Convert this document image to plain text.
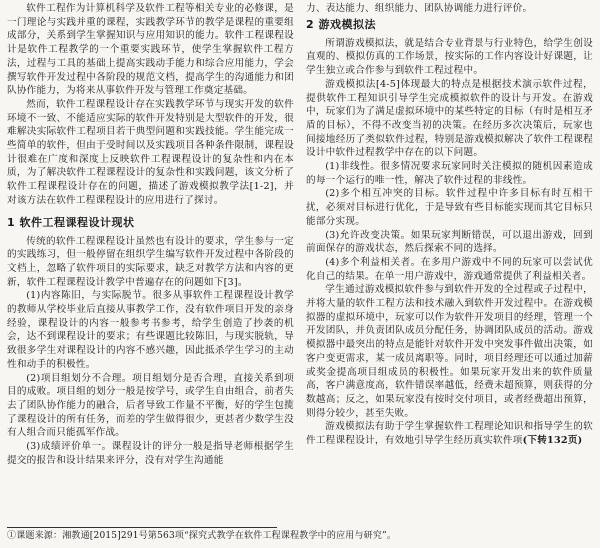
软件工程作为计算机科学及软件工程等相关专业的必修课，是一门理论与实践并重的课程，实践教学环节的教学是课程的重要组成部分，关系到学生掌握知识与应用知识的能力。软件工程课程设计是软件工程教学的一个重要实践环节，使学生掌握软件工程方法，过程与工具的基础上提高实践动手能力和综合应用能力，学会撰写软件开发过程中各阶段的规范文档，提高学生的沟通能力和团队协作能力，为将来从事软件开发与管理工作奠定基础。

然而，软件工程课程设计存在实践教学环节与现实开发的软件环境不一致、不能适应实际的软件开发特别是大型软件的开发，很难解决实际软件工程项目若干典型问题和实践技能。学生能完成一些简单的软件，但由于受时间以及实践项目各种条件限制，课程设计很难在广度和深度上反映软件工程课程设计的复杂性和内在本质，为了解决软件工程课程设计的复杂性和实践问题，该文分析了软件工程课程设计存在的问题，描述了游戏模拟教学法[1-2]，并对该方法在软件工程课程设计的应用进行了探讨。

1 软件工程课程设计现状

传统的软件工程课程设计虽然也有设计的要求，学生参与一定的实践练习，但一般停留在组织学生编写软件开发过程中各阶段的文档上，忽略了软件项目的实际要求，缺乏对教学方法和内容的更新，软件工程课程设计教学中普遍存在的问题如下[3]。

(1)内容陈旧，与实际脱节。很多从事软件工程课程设计教学的教师从学校毕业后直接从事教学工作，没有软件项目开发的亲身经验，课程设计的内容一般参考书参考，给学生创造了抄袭的机会，达不到课程设计的要求；有些课题比较陈旧，与现实脱轨，导致很多学生对课程设计的内容不感兴趣，因此抵杀学生学习的主动性和动手的积极性。

(2)项目组划分不合理。项目组划分是否合理，直接关系到项目的成败。项目组的划分一般是按学号，或学生自由组合，前者失去了团队协作能力的融合，后者导致工作量不平衡，好的学生包揽了课程设计的所有任务，而差的学生做得很少，更甚者少数学生没有人组合而只能孤军作战。

(3)成绩评价单一。课程设计的评分一般是指导老师根据学生提交的报告和设计结果来评分，没有对学生沟通能

力、表达能力、组织能力、团队协调能力进行评价。

2 游戏模拟法

所谓游戏模拟法，就是结合专业背景与行业特色，给学生创设直观的、模拟仿真的工作场景，按实际的工作内容设计好课题，让学生独立或合作参与到软件工程过程中。

游戏模拟法[4-5]体现最大的特点是根据技术演示软件过程，提供软件工程知识引导学生完成模拟软件的设计与开发。在游戏中，玩家们为了满足虚拟环境中的某些特定的目标（有时是相互矛盾的目标），不得不改变当初的决策。在经历多次决策后，玩家也间接地经历了类似软件过程，特别是游戏模拟解决了软件工程课程设计中软件过程教学中存在的以下问题。

(1)非线性。很多情况要求玩家同时关注模拟的随机因素造成的每一个运行的唯一性，解决了软件过程的非线性。

(2)多个相互冲突的目标。软件过程中许多目标有时互相干扰，必须对目标进行优化，于是导致有些目标能实现而其它目标只能部分实现。

(3)允许改变决策。如果玩家判断错误，可以退出游戏，回到前面保存的游戏状态，然后探索不同的选择。

(4)多个利益相关者。在多用户游戏中不同的玩家可以尝试优化自己的结果。在单一用户游戏中，游戏通常提供了利益相关者。

学生通过游戏模拟软件参与到软件开发的全过程或子过程中，并将大量的软件工程方法和技术融入到软件开发过程中。在游戏模拟器的虚拟环境中，玩家可以作为软件开发项目的经理，管理一个开发团队，并负责团队成员分配任务，协调团队成员的活动。游戏模拟器中最突出的特点是能针对软件开发中突发事件做出决策，如客户变更需求，某一成员离职等。同时，项目经理还可以通过加薪或奖金提高项目组成员的积极性。如果玩家开发出来的软件质量高，客户满意度高，软件错误率越低，经费未超预算，则获得的分数越高；反之，如果玩家没有按时交付项目，或者经费超出预算，则得分较少，甚至失败。

游戏模拟法有助于学生掌握软件工程理论知识和指导学生的软件工程课程设计，有效地引导学生经历真实软件项(下转132页)

①课题来源：湘教通[2015]291号第563项“探究式教学在软件工程课程教学中的应用与研究”。
